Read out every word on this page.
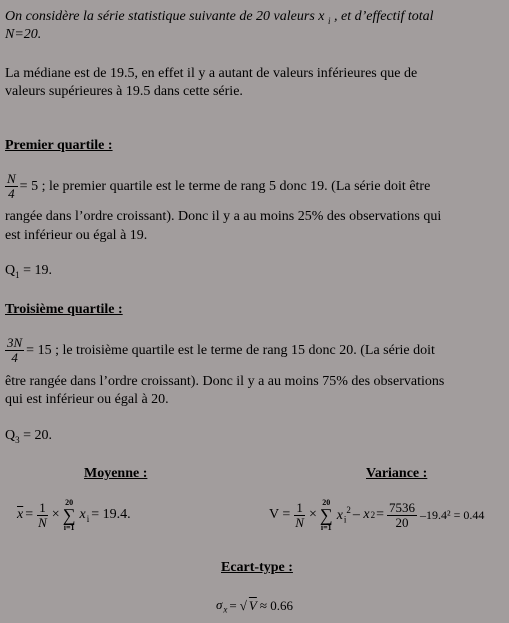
On considère la série statistique suivante de 20 valeurs x $_i$ , et d’effectif total
N=20.
La médiane est de 19.5, en effet il y a autant de valeurs inférieures que de
valeurs supérieures à 19.5 dans cette série.
Premier quartile :
$\frac{N}{4} = 5$ ; le premier quartile est le terme de rang 5 donc 19. (La série doit être
rangée dans l’ordre croissant). Donc il y a au moins 25% des observations qui
est inférieur ou égal à 19.
$Q_1 = 19$.
Troisième quartile :
$\frac{3N}{4} = 15$ ; le troisième quartile est le terme de rang 15 donc 20. (La série doit
être rangée dans l’ordre croissant). Donc il y a au moins 75% des observations
qui est inférieur ou égal à 20.
$Q_3 = 20$.
Moyenne :
$\overline{x} = \frac{1}{N}$ ×
20
∑
i=1
$x_i = 19.4$.
Variance :
$V = \frac{1}{N}$ ×
20
∑
i=1
$x_i^2$ – x $2 = \frac{7536}{20} -19.4^2 = 0.44$
Ecart-type :
$\sigma_x$ = √ V ≈ 0.66
